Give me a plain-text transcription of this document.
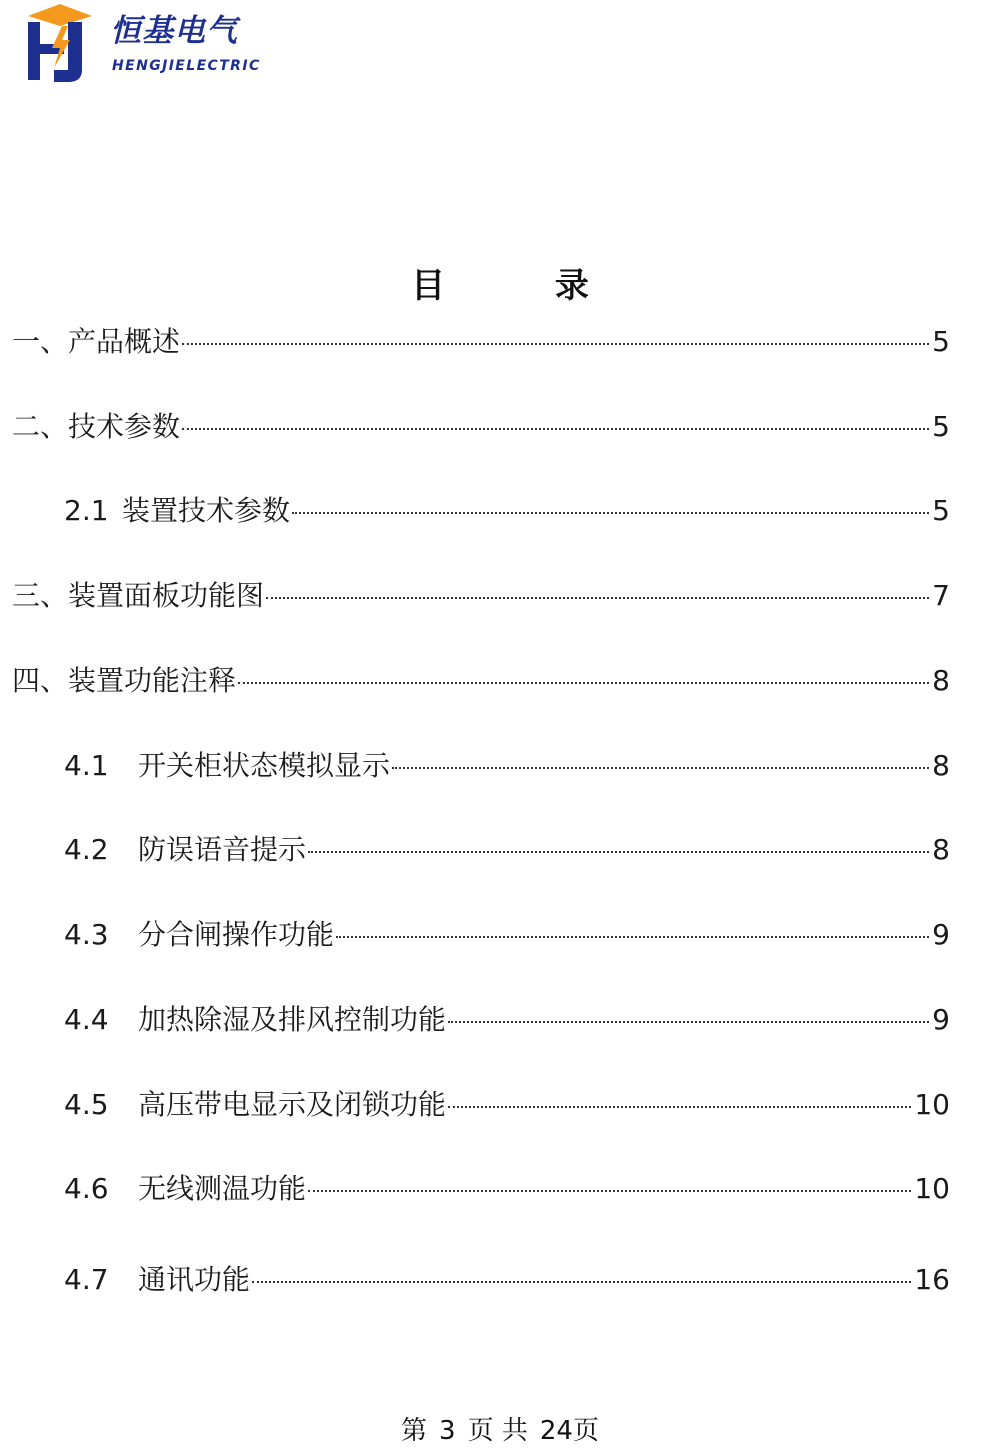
恒基电气
HENGJIELECTRIC
目 录
一、产品概述	5
二、技术参数	5
2.1 装置技术参数	5
三、装置面板功能图	7
四、装置功能注释	8
4.1	开关柜状态模拟显示	8
4.2	防误语音提示	8
4.3	分合闸操作功能	9
4.4	加热除湿及排风控制功能	9
4.5	高压带电显示及闭锁功能	10
4.6	无线测温功能	10
4.7	通讯功能	16
第 3 页 共 24页
